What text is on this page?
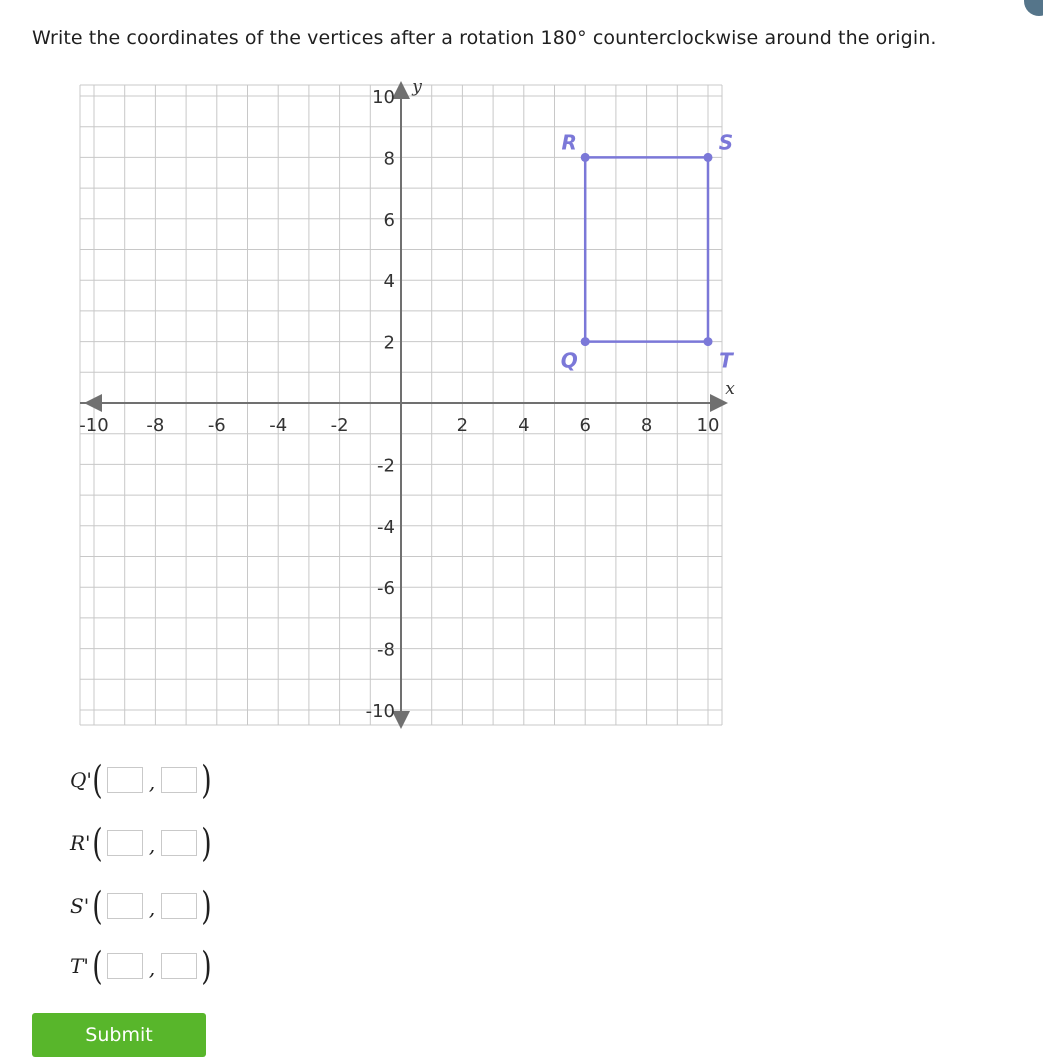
Write the coordinates of the vertices after a rotation 180° counterclockwise around the origin.
-10 -8 -6 -4 -2	2	4	6	8 10
10
8
6
4
2
-2
-4
-6
-8
-10
x
y
Q
R	S
T
Q' ( , )
R' ( , )
S' ( , )
T' ( , )
Submit
